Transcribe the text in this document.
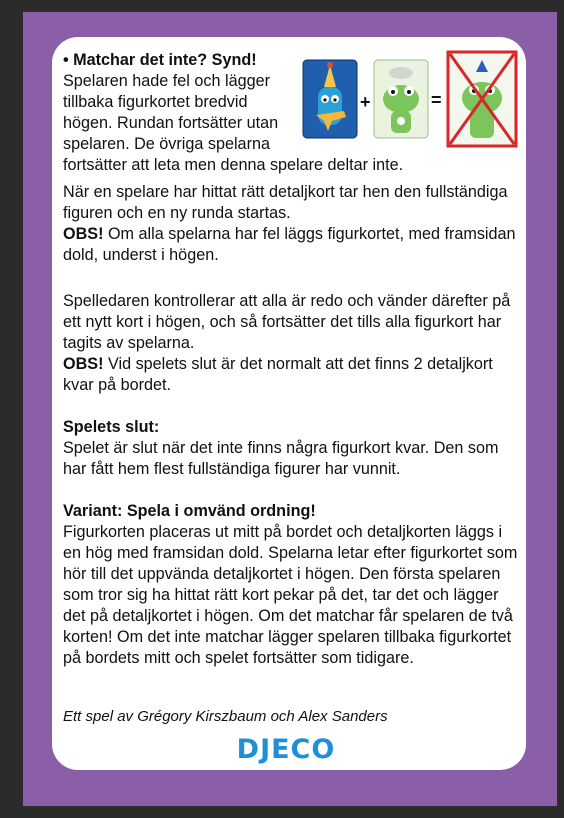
• Matchar det inte? Synd!
Spelaren hade fel och lägger
tillbaka figurkortet bredvid
högen. Rundan fortsätter utan
spelaren. De övriga spelarna
fortsätter att leta men denna spelare deltar inte.
+	=
När en spelare har hittat rätt detaljkort tar hen den fullständiga figuren och en ny runda startas.
OBS! Om alla spelarna har fel läggs figurkortet, med framsidan dold, underst i högen.
Spelledaren kontrollerar att alla är redo och vänder därefter på ett nytt kort i högen, och så fortsätter det tills alla figurkort har tagits av spelarna.
OBS! Vid spelets slut är det normalt att det finns 2 detaljkort kvar på bordet.
Spelets slut:
Spelet är slut när det inte finns några figurkort kvar. Den som har fått hem flest fullständiga figurer har vunnit.
Variant: Spela i omvänd ordning!
Figurkorten placeras ut mitt på bordet och detaljkorten läggs i en hög med framsidan dold. Spelarna letar efter figurkortet som hör till det uppvända detaljkortet i högen. Den första spelaren som tror sig ha hittat rätt kort pekar på det, tar det och lägger det på detaljkortet i högen. Om det matchar får spelaren de två korten! Om det inte matchar lägger spelaren tillbaka figurkortet på bordets mitt och spelet fortsätter som tidigare.
Ett spel av Grégory Kirszbaum och Alex Sanders
DJECO
